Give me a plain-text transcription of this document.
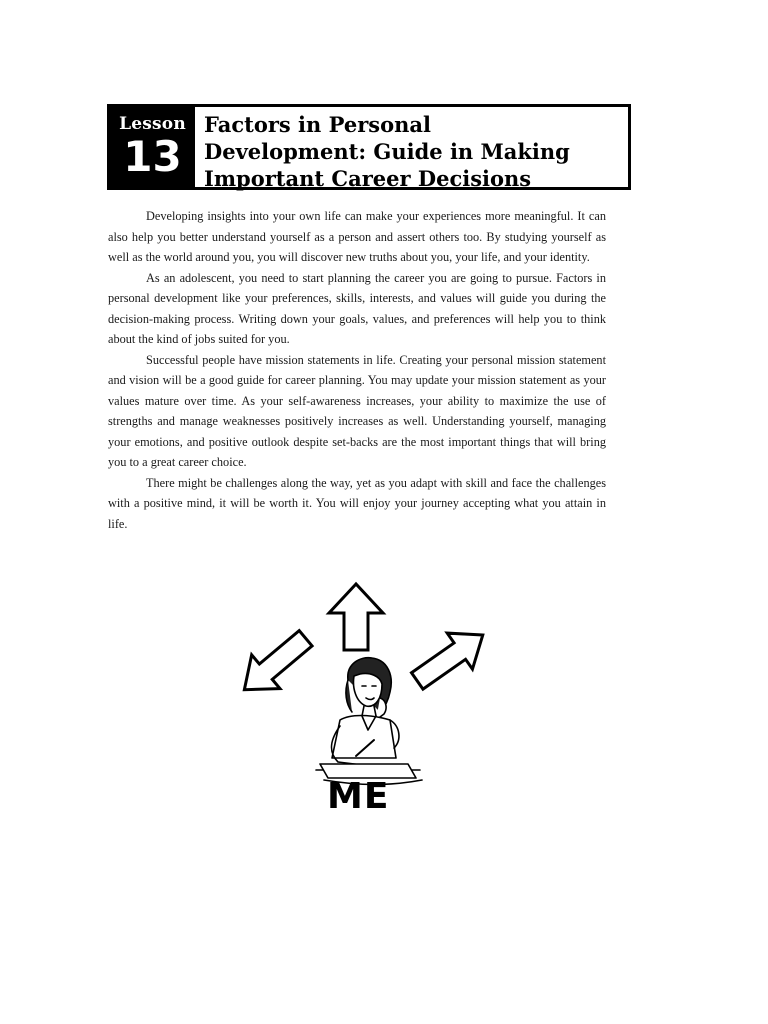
Lesson
13
Factors in Personal
Development: Guide in Making
Important Career Decisions

Developing insights into your own life can make your experiences more meaningful. It can also help you better understand yourself as a person and assert others too. By studying yourself as well as the world around you, you will discover new truths about you, your life, and your identity.

As an adolescent, you need to start planning the career you are going to pursue. Factors in personal development like your preferences, skills, interests, and values will guide you during the decision-making process. Writing down your goals, values, and preferences will help you to think about the kind of jobs suited for you.

Successful people have mission statements in life. Creating your personal mission statement and vision will be a good guide for career planning. You may update your mission statement as your values mature over time. As your self-awareness increases, your ability to maximize the use of strengths and manage weaknesses positively increases as well. Understanding yourself, managing your emotions, and positive outlook despite set-backs are the most important things that will bring you to a great career choice.

There might be challenges along the way, yet as you adapt with skill and face the challenges with a positive mind, it will be worth it. You will enjoy your journey accepting what you attain in life.

ME
